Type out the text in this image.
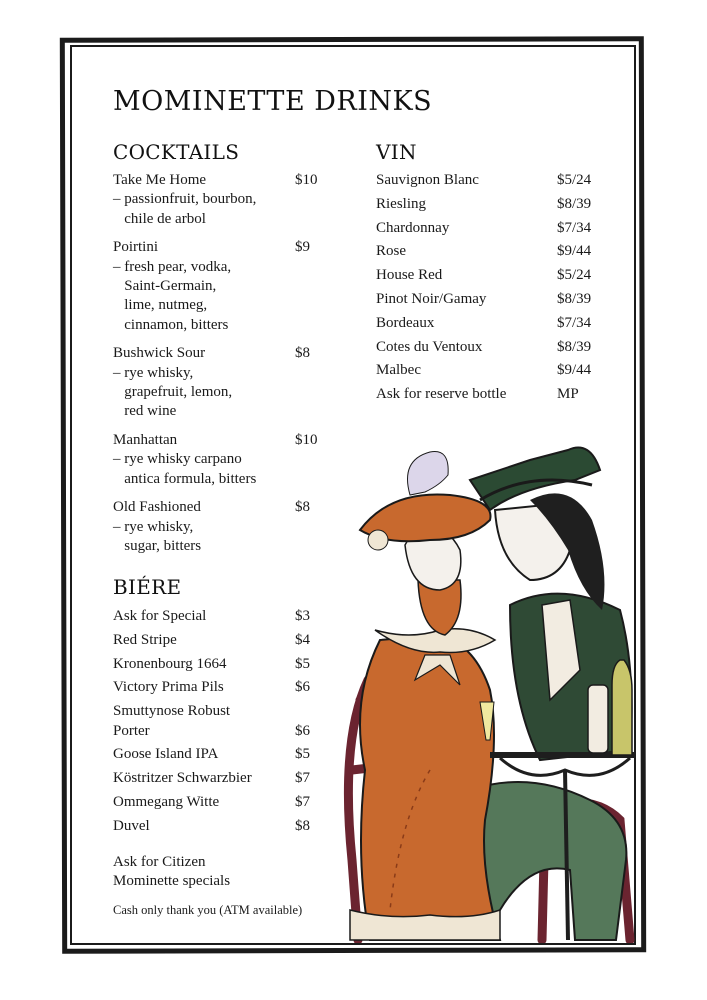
MOMINETTE DRINKS
COCKTAILS
Take Me Home	$10
– passionfruit, bourbon,
chile de arbol
Poirtini	$9
– fresh pear, vodka,
Saint-Germain,
lime, nutmeg,
cinnamon, bitters
Bushwick Sour	$8
– rye whisky,
grapefruit, lemon,
red wine
Manhattan	$10
– rye whisky carpano
antica formula, bitters
Old Fashioned	$8
– rye whisky,
sugar, bitters
BIÉRE
Ask for Special	$3
Red Stripe	$4
Kronenbourg 1664	$5
Victory Prima Pils	$6
Smuttynose Robust
Porter	$6
Goose Island IPA	$5
Köstritzer Schwarzbier	$7
Ommegang Witte	$7
Duvel	$8
Ask for Citizen
Mominette specials
Cash only thank you (ATM available)
VIN
Sauvignon Blanc	$5/24
Riesling	$8/39
Chardonnay	$7/34
Rose	$9/44
House Red	$5/24
Pinot Noir/Gamay	$8/39
Bordeaux	$7/34
Cotes du Ventoux	$8/39
Malbec	$9/44
Ask for reserve bottle	MP
